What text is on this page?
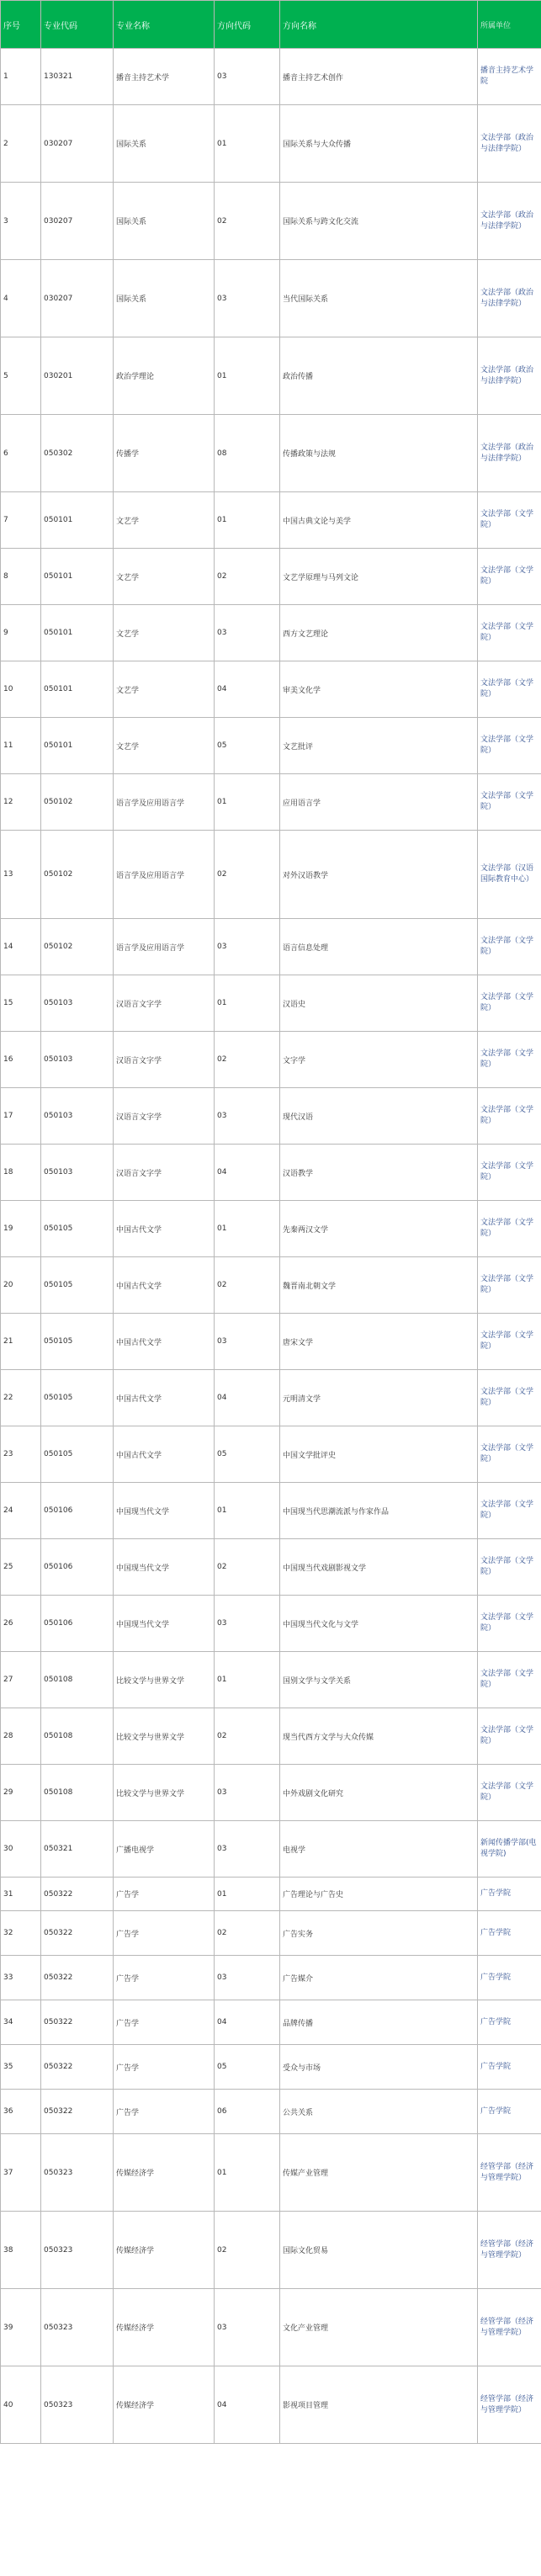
序号	专业代码	专业名称	方向代码	方向名称	所属单位
1	130321	播音主持艺术学	03	播音主持艺术创作	播音主持艺术学院
2	030207	国际关系	01	国际关系与大众传播	文法学部（政治与法律学院）
3	030207	国际关系	02	国际关系与跨文化交流	文法学部（政治与法律学院）
4	030207	国际关系	03	当代国际关系	文法学部（政治与法律学院）
5	030201	政治学理论	01	政治传播	文法学部（政治与法律学院）
6	050302	传播学	08	传播政策与法规	文法学部（政治与法律学院）
7	050101	文艺学	01	中国古典文论与美学	文法学部（文学院）
8	050101	文艺学	02	文艺学原理与马列文论	文法学部（文学院）
9	050101	文艺学	03	西方文艺理论	文法学部（文学院）
10	050101	文艺学	04	审美文化学	文法学部（文学院）
11	050101	文艺学	05	文艺批评	文法学部（文学院）
12	050102	语言学及应用语言学	01	应用语言学	文法学部（文学院）
13	050102	语言学及应用语言学	02	对外汉语教学	文法学部（汉语国际教育中心）
14	050102	语言学及应用语言学	03	语言信息处理	文法学部（文学院）
15	050103	汉语言文字学	01	汉语史	文法学部（文学院）
16	050103	汉语言文字学	02	文字学	文法学部（文学院）
17	050103	汉语言文字学	03	现代汉语	文法学部（文学院）
18	050103	汉语言文字学	04	汉语教学	文法学部（文学院）
19	050105	中国古代文学	01	先秦两汉文学	文法学部（文学院）
20	050105	中国古代文学	02	魏晋南北朝文学	文法学部（文学院）
21	050105	中国古代文学	03	唐宋文学	文法学部（文学院）
22	050105	中国古代文学	04	元明清文学	文法学部（文学院）
23	050105	中国古代文学	05	中国文学批评史	文法学部（文学院）
24	050106	中国现当代文学	01	中国现当代思潮流派与作家作品	文法学部（文学院）
25	050106	中国现当代文学	02	中国现当代戏剧影视文学	文法学部（文学院）
26	050106	中国现当代文学	03	中国现当代文化与文学	文法学部（文学院）
27	050108	比较文学与世界文学	01	国别文学与文学关系	文法学部（文学院）
28	050108	比较文学与世界文学	02	现当代西方文学与大众传媒	文法学部（文学院）
29	050108	比较文学与世界文学	03	中外戏剧文化研究	文法学部（文学院）
30	050321	广播电视学	03	电视学	新闻传播学部(电视学院)
31	050322	广告学	01	广告理论与广告史	广告学院
32	050322	广告学	02	广告实务	广告学院
33	050322	广告学	03	广告媒介	广告学院
34	050322	广告学	04	品牌传播	广告学院
35	050322	广告学	05	受众与市场	广告学院
36	050322	广告学	06	公共关系	广告学院
37	050323	传媒经济学	01	传媒产业管理	经管学部（经济与管理学院）
38	050323	传媒经济学	02	国际文化贸易	经管学部（经济与管理学院）
39	050323	传媒经济学	03	文化产业管理	经管学部（经济与管理学院）
40	050323	传媒经济学	04	影视项目管理	经管学部（经济与管理学院）
